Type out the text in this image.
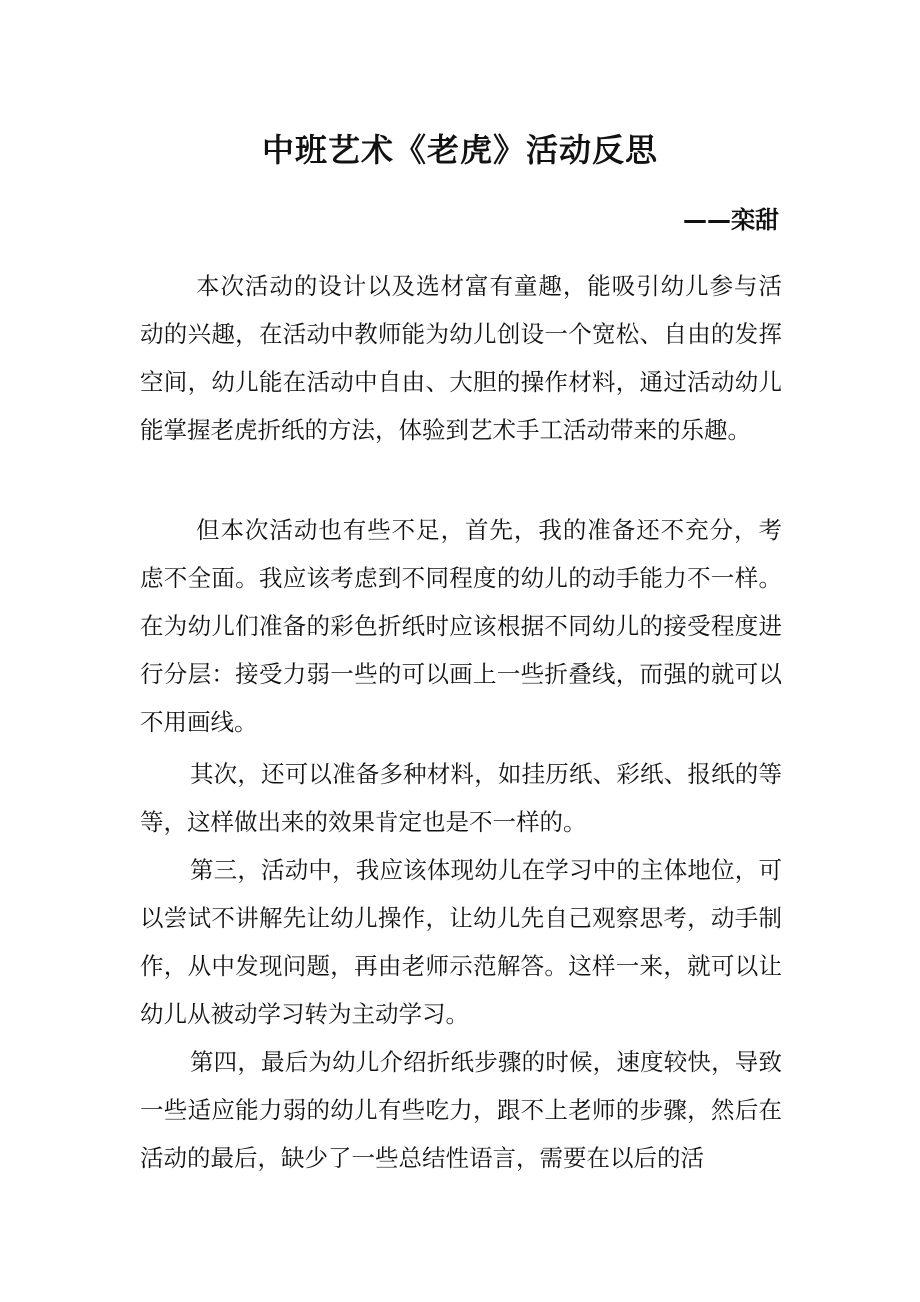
中班艺术《老虎》活动反思

——栾甜

本次活动的设计以及选材富有童趣，能吸引幼儿参与活动的兴趣，在活动中教师能为幼儿创设一个宽松、自由的发挥空间，幼儿能在活动中自由、大胆的操作材料，通过活动幼儿能掌握老虎折纸的方法，体验到艺术手工活动带来的乐趣。

但本次活动也有些不足，首先，我的准备还不充分，考虑不全面。我应该考虑到不同程度的幼儿的动手能力不一样。在为幼儿们准备的彩色折纸时应该根据不同幼儿的接受程度进行分层：接受力弱一些的可以画上一些折叠线，而强的就可以不用画线。

其次，还可以准备多种材料，如挂历纸、彩纸、报纸的等等，这样做出来的效果肯定也是不一样的。

第三，活动中，我应该体现幼儿在学习中的主体地位，可以尝试不讲解先让幼儿操作，让幼儿先自己观察思考，动手制作，从中发现问题，再由老师示范解答。这样一来，就可以让幼儿从被动学习转为主动学习。

第四，最后为幼儿介绍折纸步骤的时候，速度较快，导致一些适应能力弱的幼儿有些吃力，跟不上老师的步骤，然后在活动的最后，缺少了一些总结性语言，需要在以后的活
